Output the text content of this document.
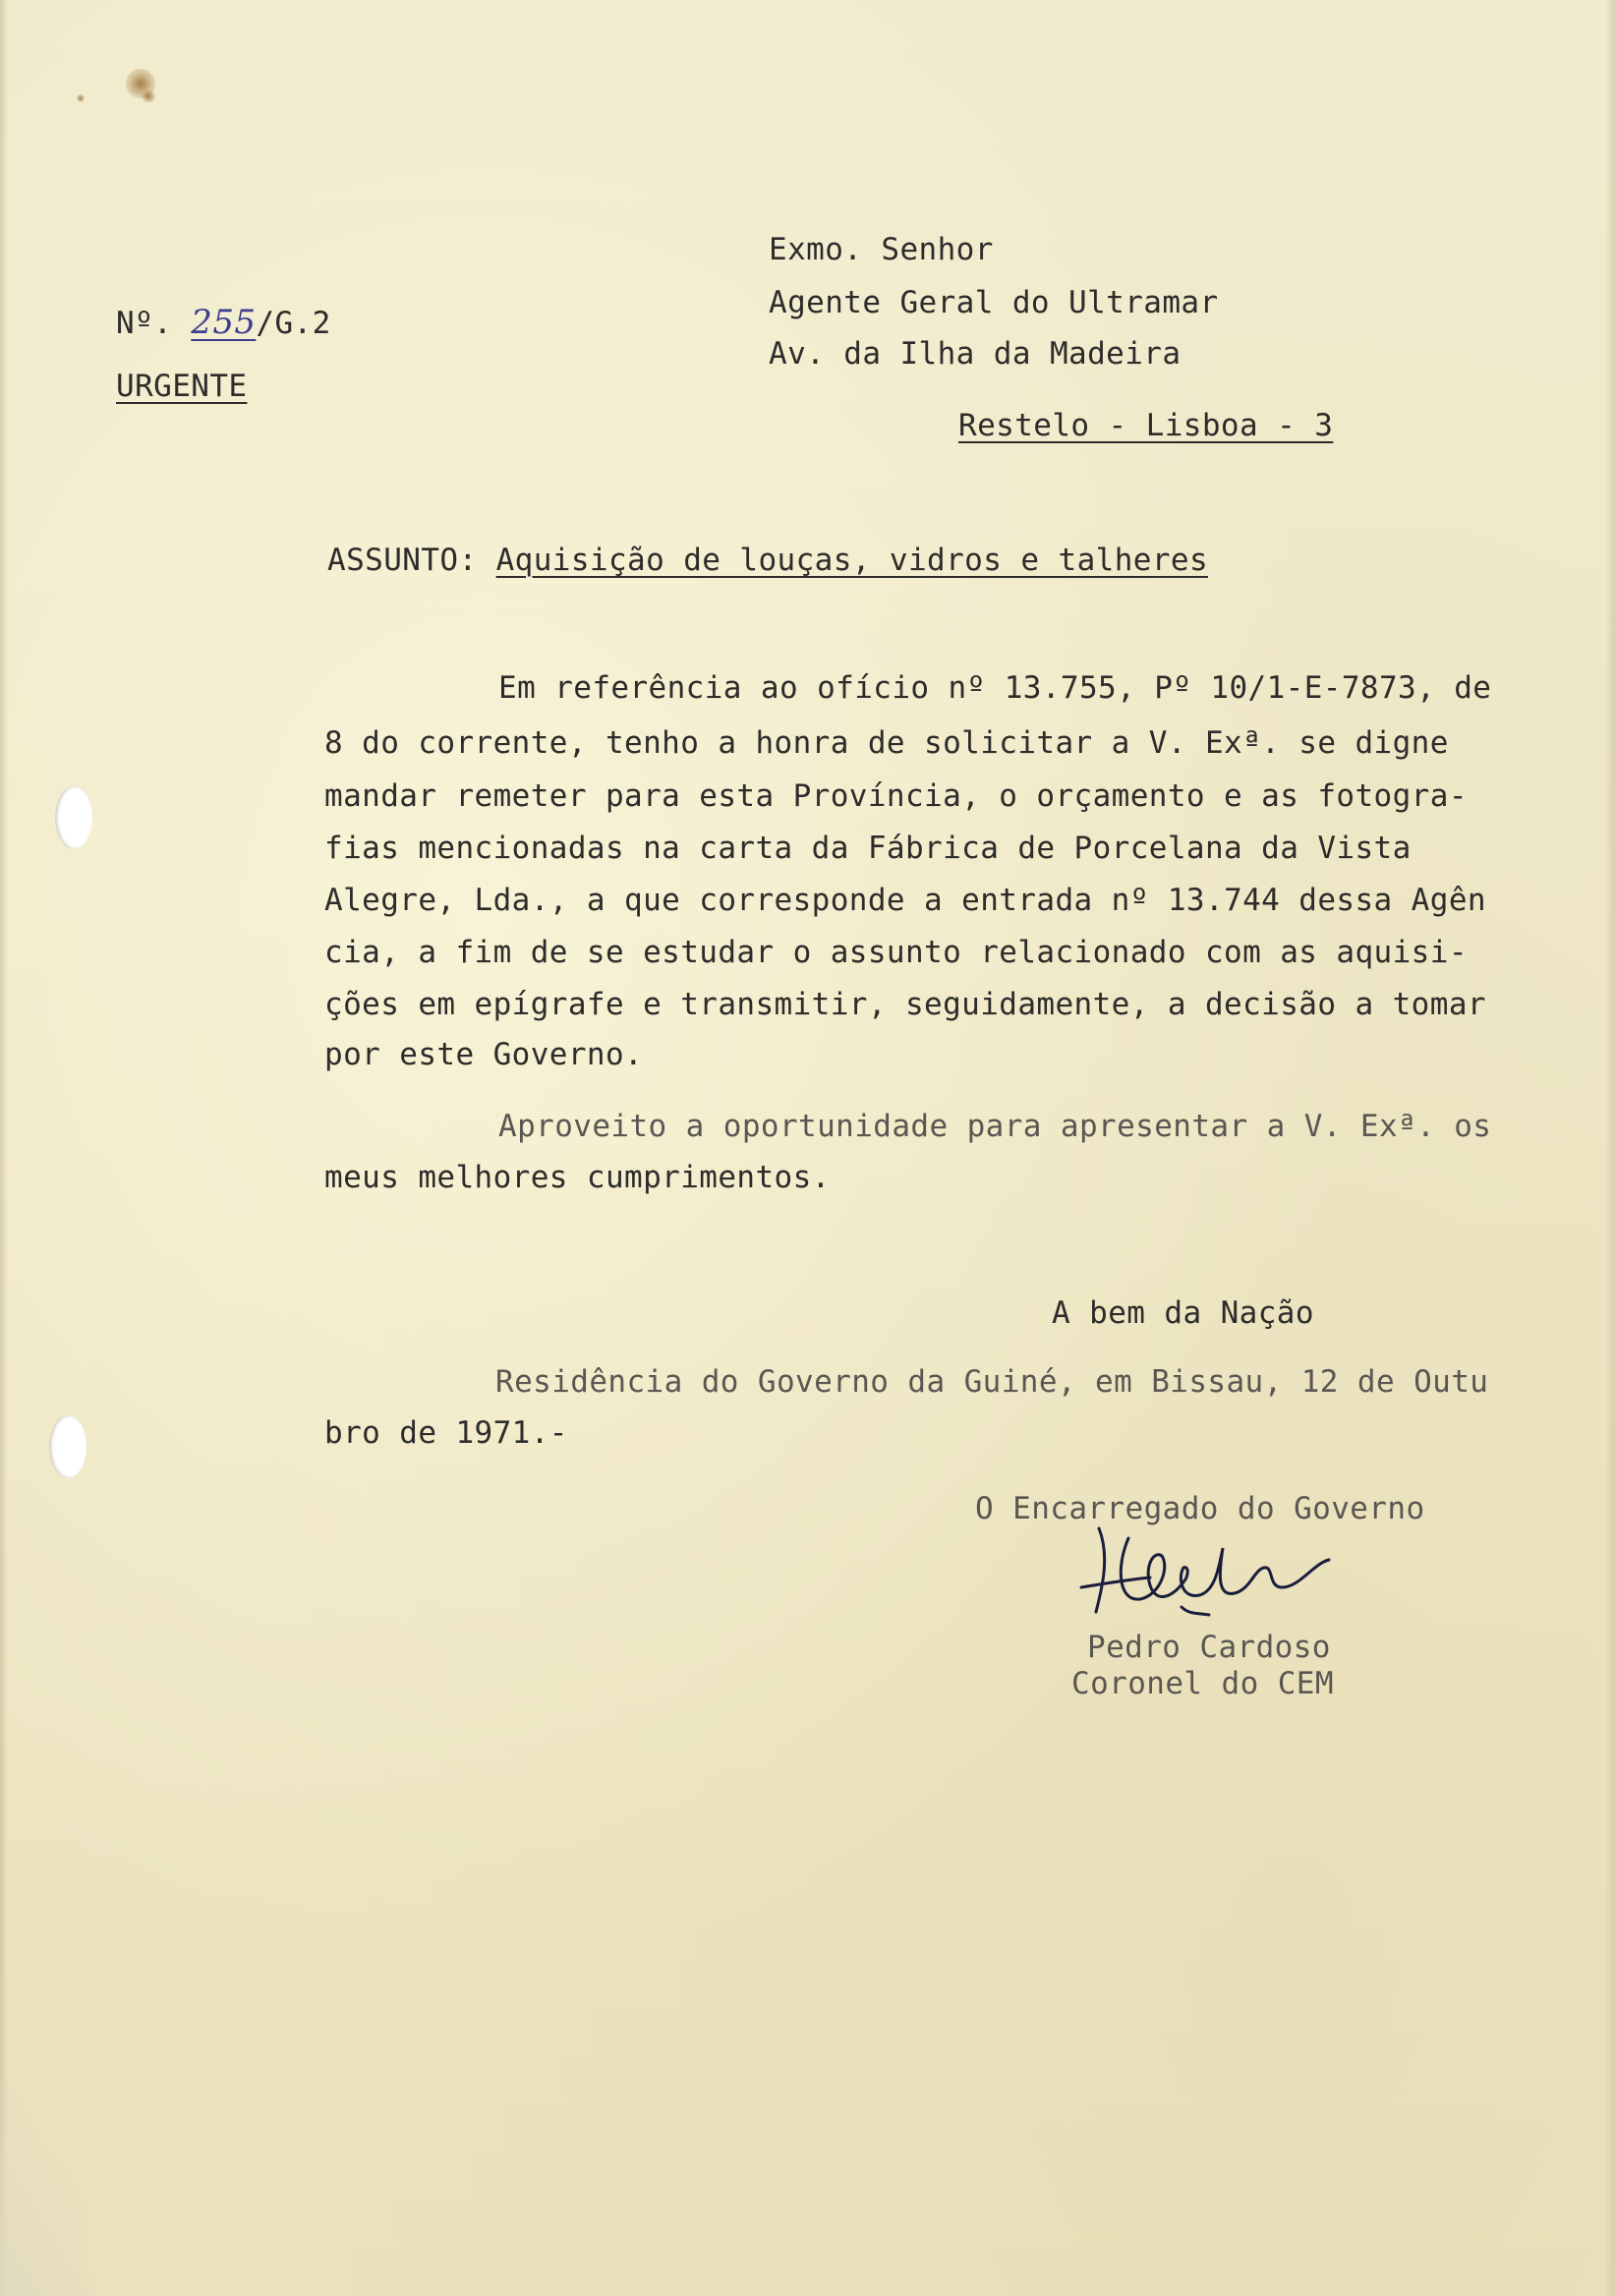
Nº. 255/G.2
URGENTE
Exmo. Senhor
Agente Geral do Ultramar
Av. da Ilha da Madeira
Restelo - Lisboa - 3
ASSUNTO: Aquisição de louças, vidros e talheres
Em referência ao ofício nº 13.755, Pº 10/1-E-7873, de
8 do corrente, tenho a honra de solicitar a V. Exª. se digne
mandar remeter para esta Província, o orçamento e as fotogra-
fias mencionadas na carta da Fábrica de Porcelana da Vista
Alegre, Lda., a que corresponde a entrada nº 13.744 dessa Agên
cia, a fim de se estudar o assunto relacionado com as aquisi-
ções em epígrafe e transmitir, seguidamente, a decisão a tomar
por este Governo.
Aproveito a oportunidade para apresentar a V. Exª. os
meus melhores cumprimentos.
A bem da Nação
Residência do Governo da Guiné, em Bissau, 12 de Outu
bro de 1971.-
O Encarregado do Governo
Pedro Cardoso
Coronel do CEM
